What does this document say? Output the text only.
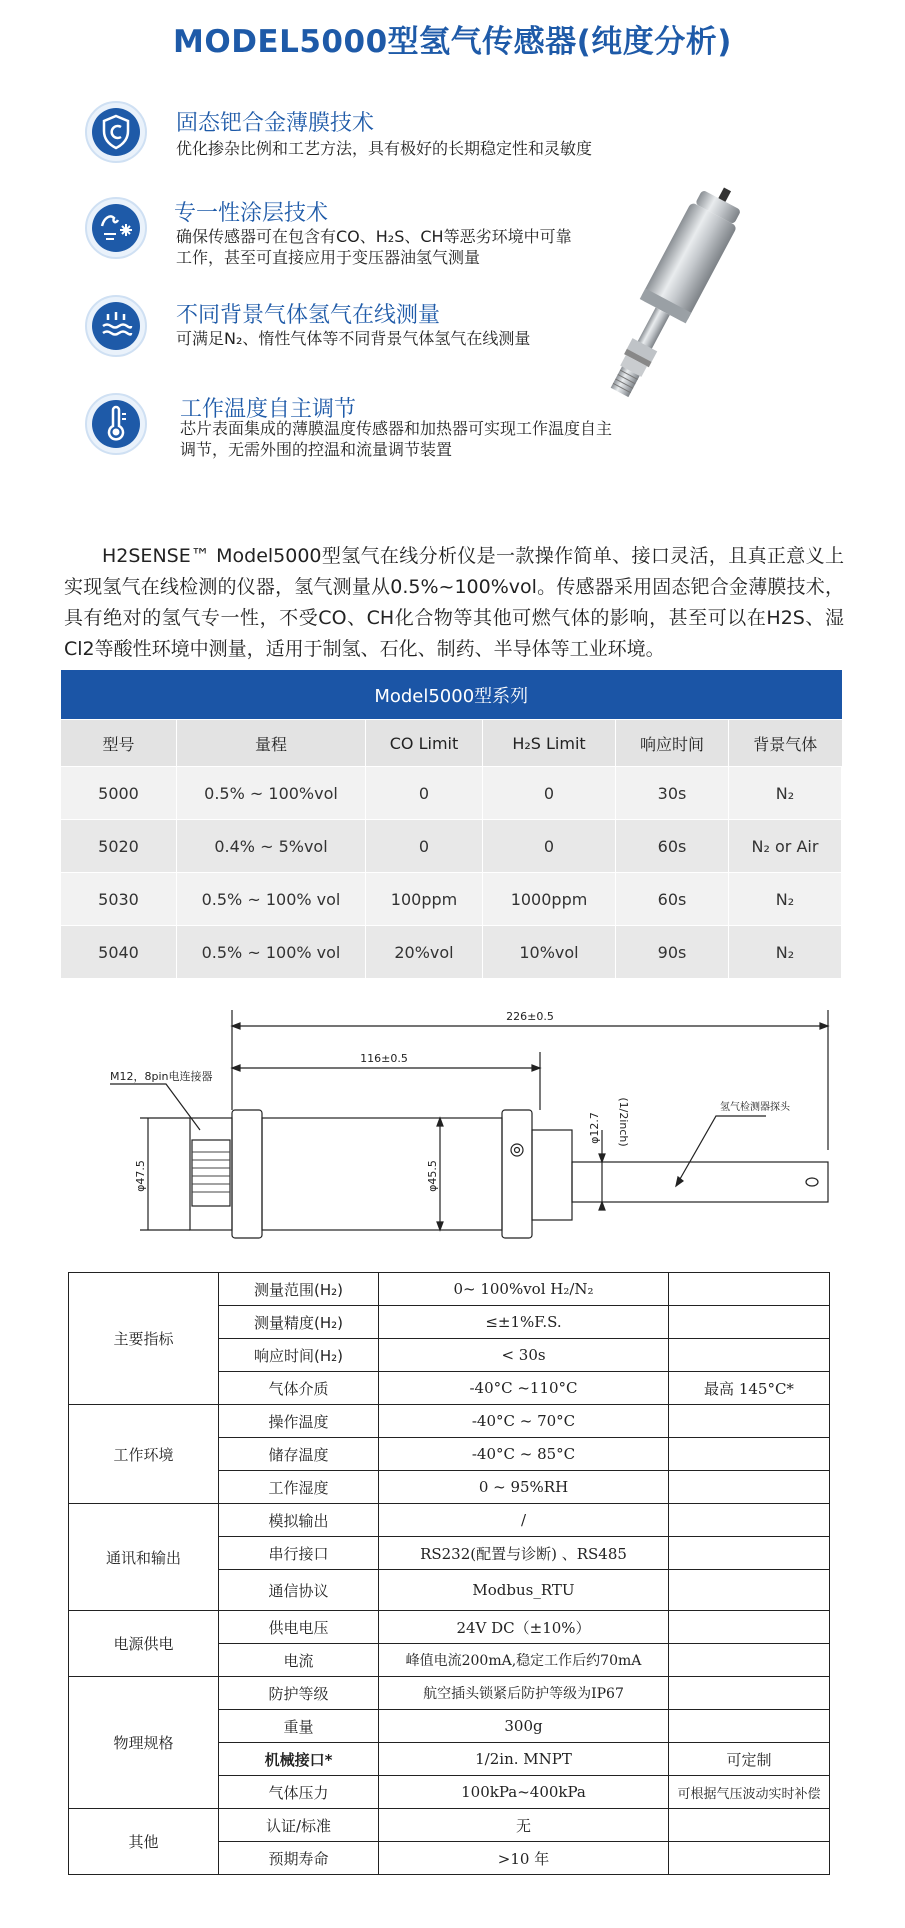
MODEL5000型氢气传感器(纯度分析)
固态钯合金薄膜技术
优化掺杂比例和工艺方法，具有极好的长期稳定性和灵敏度
专一性涂层技术
确保传感器可在包含有CO、H₂S、CH等恶劣环境中可靠工作，甚至可直接应用于变压器油氢气测量
不同背景气体氢气在线测量
可满足N₂、惰性气体等不同背景气体氢气在线测量
工作温度自主调节
芯片表面集成的薄膜温度传感器和加热器可实现工作温度自主调节，无需外围的控温和流量调节装置
H2SENSE™ Model5000型氢气在线分析仪是一款操作简单、接口灵活，且真正意义上实现氢气在线检测的仪器，氢气测量从0.5%~100%vol。传感器采用固态钯合金薄膜技术，具有绝对的氢气专一性，不受CO、CH化合物等其他可燃气体的影响，甚至可以在H2S、湿Cl2等酸性环境中测量，适用于制氢、石化、制药、半导体等工业环境。
Model5000型系列					
型号	量程	CO Limit	H₂S Limit	响应时间	背景气体
5000	0.5% ~ 100%vol	0	0	30s	N₂
5020	0.4% ~ 5%vol	0	0	60s	N₂ or Air
5030	0.5% ~ 100% vol	100ppm	1000ppm	60s	N₂
5040	0.5% ~ 100% vol	20%vol	10%vol	90s	N₂
226±0.5
116±0.5
M12，8pin电连接器
φ47.5	φ45.5
φ12.7 (1/2inch)	氢气检测器探头
主要指标	测量范围(H₂)	0~ 100%vol H₂/N₂	
	测量精度(H₂)	≤±1%F.S.	
	响应时间(H₂)	< 30s	
	气体介质	-40°C ~110°C	最高 145°C*
工作环境	操作温度	-40°C ~ 70°C	
	储存温度	-40°C ~ 85°C	
	工作湿度	0 ~ 95%RH	
通讯和输出	模拟输出	/	
	串行接口	RS232(配置与诊断) 、RS485	
	通信协议	Modbus_RTU	
电源供电	供电电压	24V DC（±10%）	
	电流	峰值电流200mA,稳定工作后约70mA	
物理规格	防护等级	航空插头锁紧后防护等级为IP67	
	重量	300g	
	机械接口*	1/2in. MNPT	可定制
	气体压力	100kPa~400kPa	可根据气压波动实时补偿
其他	认证/标准	无	
	预期寿命	>10 年	
